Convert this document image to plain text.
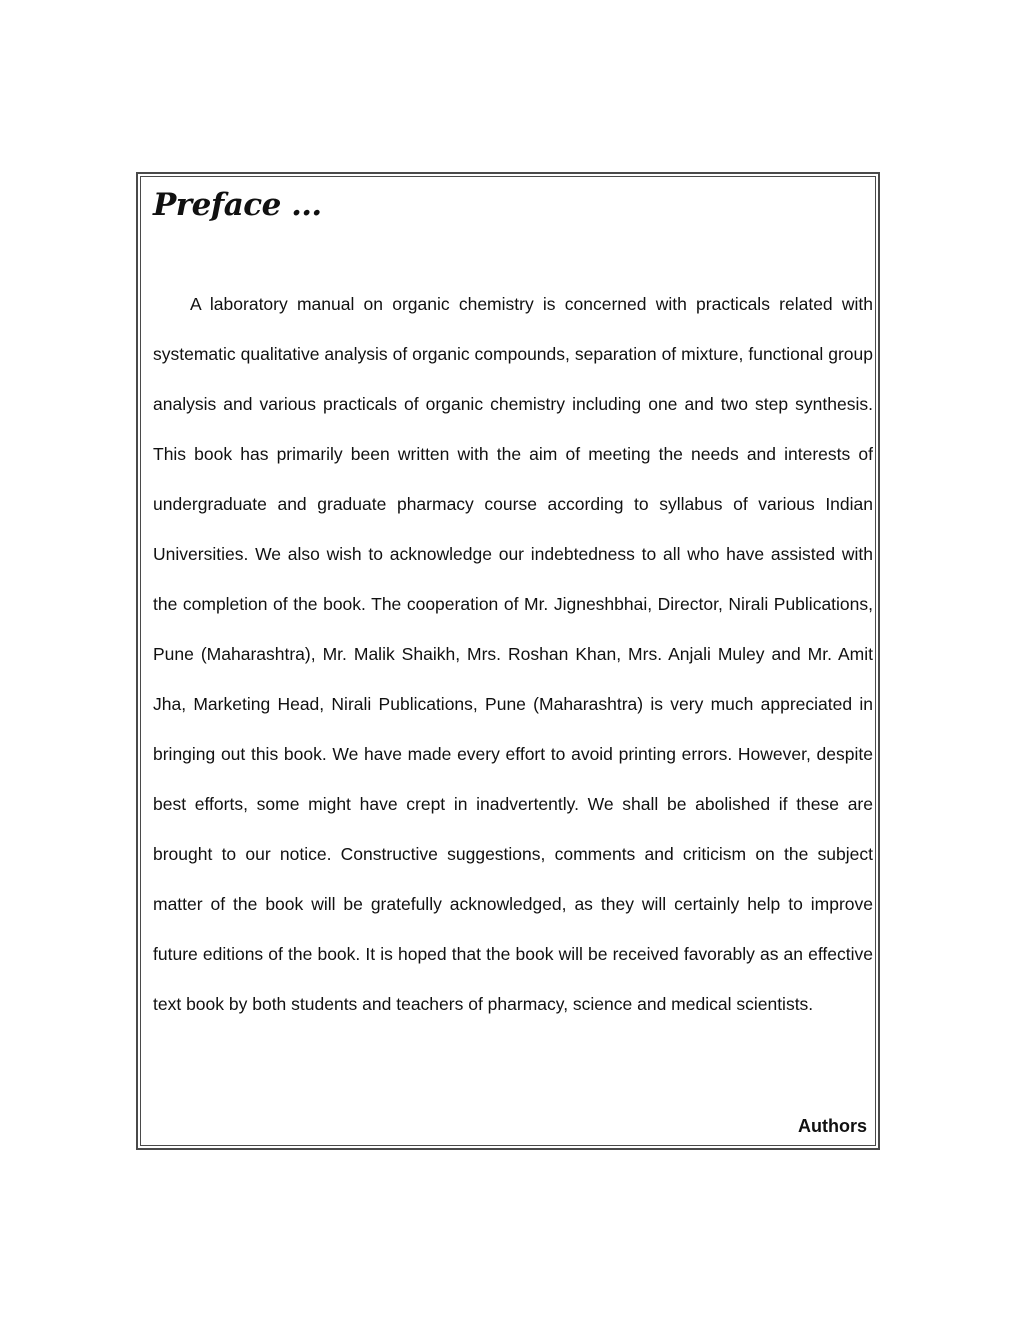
Preface …

A laboratory manual on organic chemistry is concerned with practicals related with systematic qualitative analysis of organic compounds, separation of mixture, functional group analysis and various practicals of organic chemistry including one and two step synthesis. This book has primarily been written with the aim of meeting the needs and interests of undergraduate and graduate pharmacy course according to syllabus of various Indian Universities. We also wish to acknowledge our indebtedness to all who have assisted with the completion of the book. The cooperation of Mr. Jigneshbhai, Director, Nirali Publications, Pune (Maharashtra), Mr. Malik Shaikh, Mrs. Roshan Khan, Mrs. Anjali Muley and Mr. Amit Jha, Marketing Head, Nirali Publications, Pune (Maharashtra) is very much appreciated in bringing out this book. We have made every effort to avoid printing errors. However, despite best efforts, some might have crept in inadvertently. We shall be abolished if these are brought to our notice. Constructive suggestions, comments and criticism on the subject matter of the book will be gratefully acknowledged, as they will certainly help to improve future editions of the book. It is hoped that the book will be received favorably as an effective text book by both students and teachers of pharmacy, science and medical scientists.

Authors
